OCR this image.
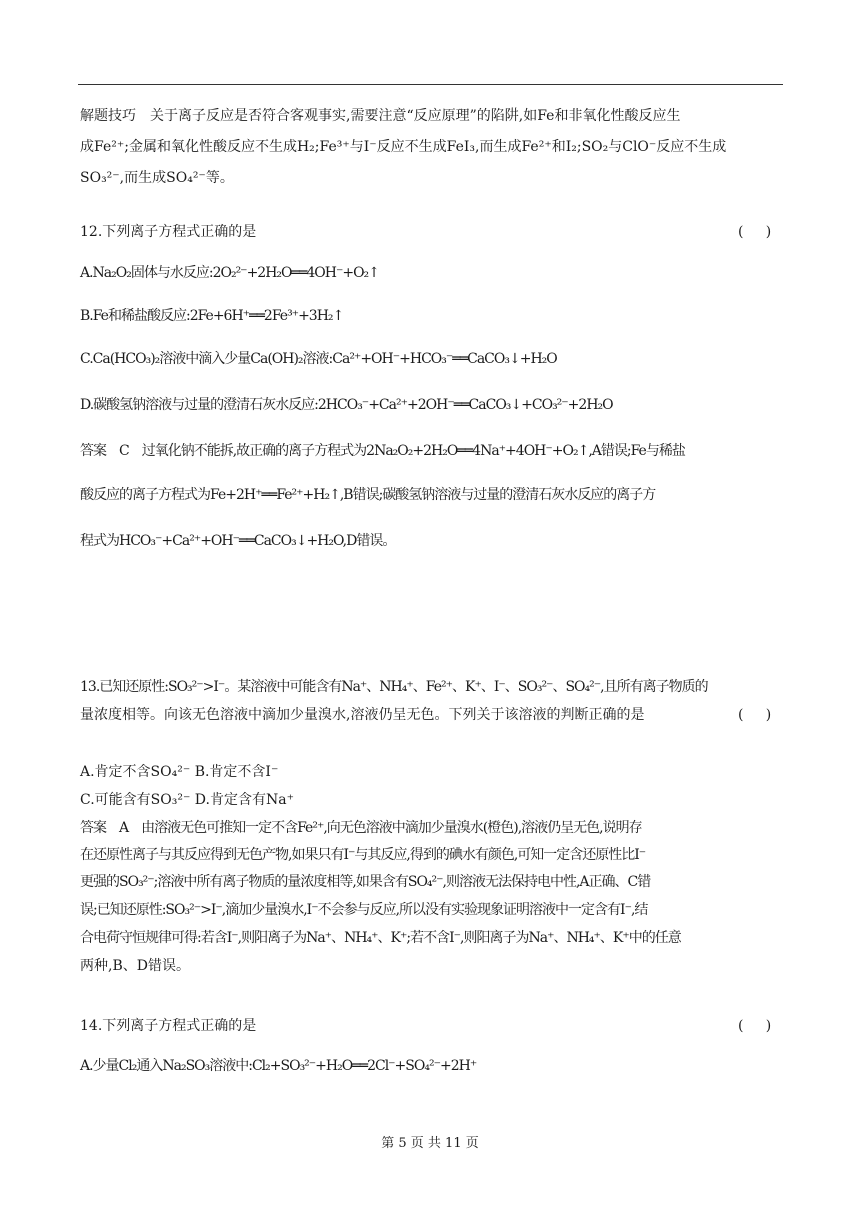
解题技巧　 关于离子反应是否符合客观事实,需要注意“反应原理”的陷阱,如Fe和非氧化性酸反应生
成Fe²⁺;金属和氧化性酸反应不生成H₂;Fe³⁺与I⁻反应不生成FeI₃,而生成Fe²⁺和I₂;SO₂与ClO⁻反应不生成
SO₃²⁻,而生成SO₄²⁻等。
12.下列离子方程式正确的是	(     )
A.Na₂O₂固体与水反应:2O₂²⁻+2H₂O══4OH⁻+O₂↑
B.Fe和稀盐酸反应:2Fe+6H⁺══2Fe³⁺+3H₂↑
C.Ca(HCO₃)₂溶液中滴入少量Ca(OH)₂溶液:Ca²⁺+OH⁻+HCO₃⁻══CaCO₃↓+H₂O
D.碳酸氢钠溶液与过量的澄清石灰水反应:2HCO₃⁻+Ca²⁺+2OH⁻══CaCO₃↓+CO₃²⁻+2H₂O
答案　C　过氧化钠不能拆,故正确的离子方程式为2Na₂O₂+2H₂O══4Na⁺+4OH⁻+O₂↑,A错误;Fe与稀盐
酸反应的离子方程式为Fe+2H⁺══Fe²⁺+H₂↑,B错误;碳酸氢钠溶液与过量的澄清石灰水反应的离子方
程式为HCO₃⁻+Ca²⁺+OH⁻══CaCO₃↓+H₂O,D错误。
13.已知还原性:SO₃²⁻>I⁻。某溶液中可能含有Na⁺、NH₄⁺、Fe²⁺、K⁺、I⁻、SO₃²⁻、SO₄²⁻,且所有离子物质的
量浓度相等。向该无色溶液中滴加少量溴水,溶液仍呈无色。下列关于该溶液的判断正确的是	(     )
A.肯定不含SO₄²⁻ B.肯定不含I⁻
C.可能含有SO₃²⁻ D.肯定含有Na⁺
答案　A　由溶液无色可推知一定不含Fe²⁺,向无色溶液中滴加少量溴水(橙色),溶液仍呈无色,说明存
在还原性离子与其反应得到无色产物,如果只有I⁻与其反应,得到的碘水有颜色,可知一定含还原性比I⁻
更强的SO₃²⁻;溶液中所有离子物质的量浓度相等,如果含有SO₄²⁻,则溶液无法保持电中性,A正确、C错
误;已知还原性:SO₃²⁻>I⁻,滴加少量溴水,I⁻不会参与反应,所以没有实验现象证明溶液中一定含有I⁻,结
合电荷守恒规律可得:若含I⁻,则阳离子为Na⁺、NH₄⁺、K⁺;若不含I⁻,则阳离子为Na⁺、NH₄⁺、K⁺中的任意
两种,B、D错误。
14.下列离子方程式正确的是	(     )
A.少量Cl₂通入Na₂SO₃溶液中:Cl₂+SO₃²⁻+H₂O══2Cl⁻+SO₄²⁻+2H⁺
第 5 页 共 11 页
